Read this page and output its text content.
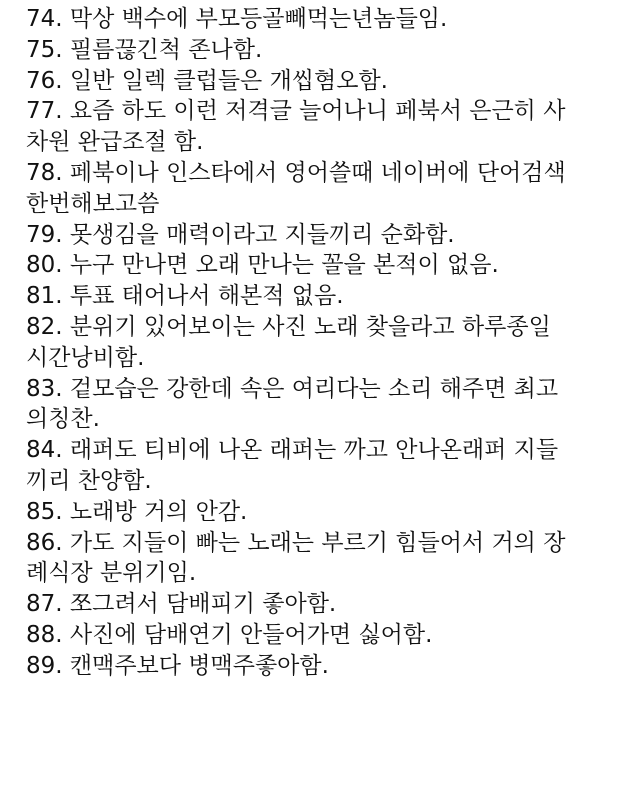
74. 막상 백수에 부모등골빼먹는년놈들임.

75. 필름끊긴척 존나함.

76. 일반 일렉 클럽들은 개씹혐오함.

77. 요즘 하도 이런 저격글 늘어나니 페북서 은근히 사
차원 완급조절 함.

78. 페북이나 인스타에서 영어쓸때 네이버에 단어검색
한번해보고씀

79. 못생김을 매력이라고 지들끼리 순화함.

80. 누구 만나면 오래 만나는 꼴을 본적이 없음.

81. 투표 태어나서 해본적 없음.

82. 분위기 있어보이는 사진 노래 찾을라고 하루종일
시간낭비함.

83. 겉모습은 강한데 속은 여리다는 소리 해주면 최고
의칭찬.

84. 래퍼도 티비에 나온 래퍼는 까고 안나온래퍼 지들
끼리 찬양함.

85. 노래방 거의 안감.

86. 가도 지들이 빠는 노래는 부르기 힘들어서 거의 장
례식장 분위기임.

87. 쪼그려서 담배피기 좋아함.

88. 사진에 담배연기 안들어가면 싫어함.

89. 캔맥주보다 병맥주좋아함.
